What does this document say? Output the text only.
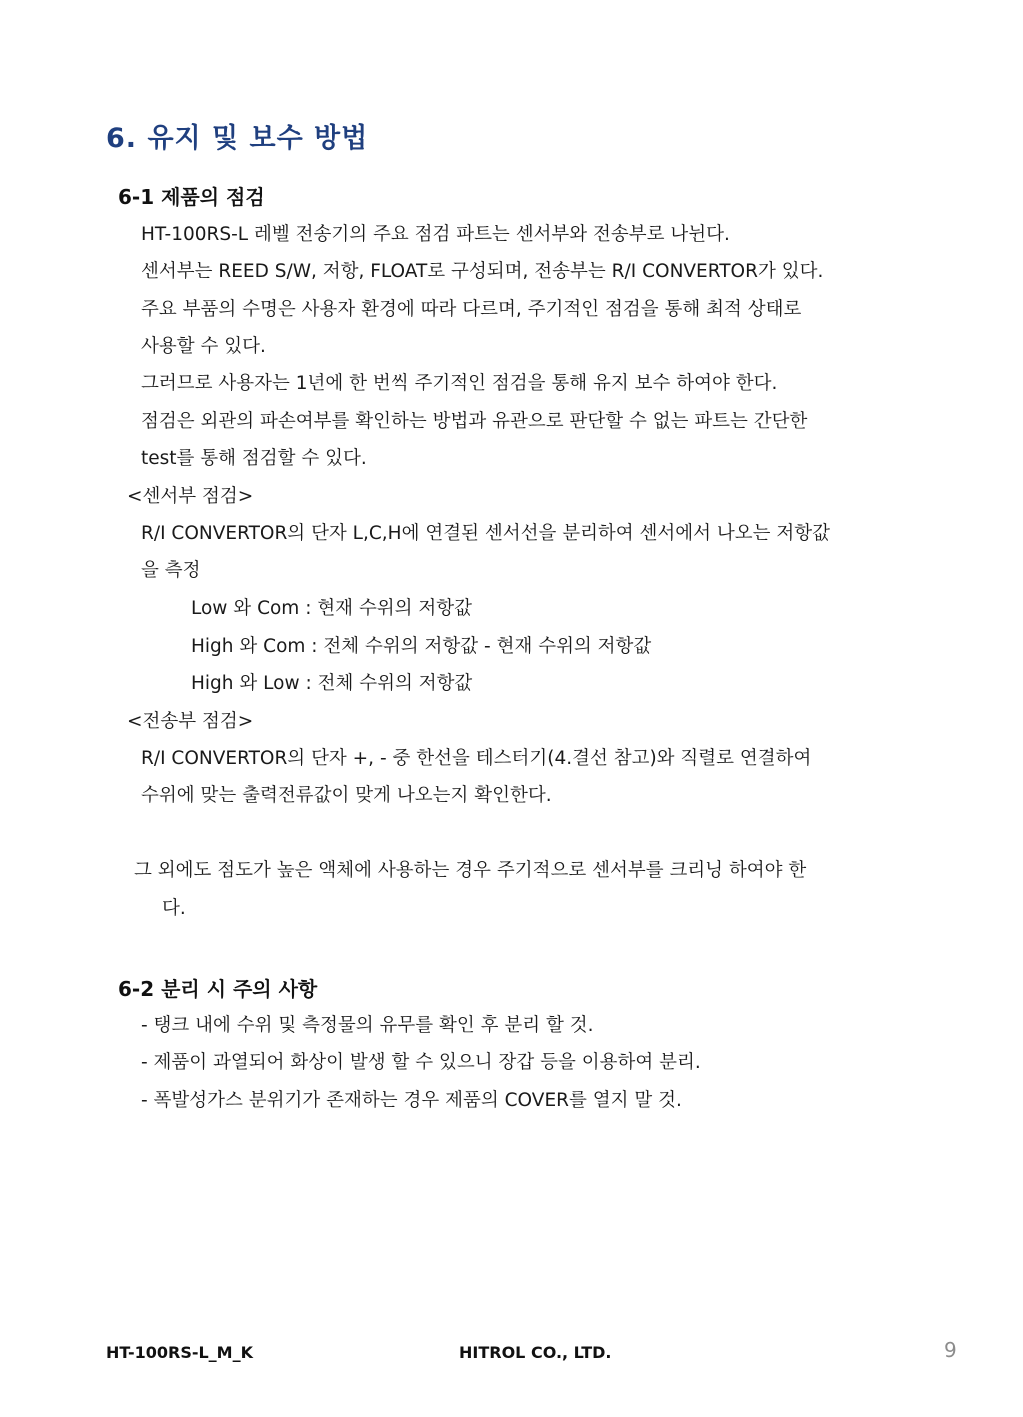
6. 유지 및 보수 방법
6-1 제품의 점검
HT-100RS-L 레벨 전송기의 주요 점검 파트는 센서부와 전송부로 나뉜다.
센서부는 REED S/W, 저항, FLOAT로 구성되며, 전송부는 R/I CONVERTOR가 있다.
주요 부품의 수명은 사용자 환경에 따라 다르며, 주기적인 점검을 통해 최적 상태로
사용할 수 있다.
그러므로 사용자는 1년에 한 번씩 주기적인 점검을 통해 유지 보수 하여야 한다.
점검은 외관의 파손여부를 확인하는 방법과 유관으로 판단할 수 없는 파트는 간단한
test를 통해 점검할 수 있다.
<센서부 점검>
R/I CONVERTOR의 단자 L,C,H에 연결된 센서선을 분리하여 센서에서 나오는 저항값
을 측정
Low 와 Com : 현재 수위의 저항값
High 와 Com : 전체 수위의 저항값 - 현재 수위의 저항값
High 와 Low : 전체 수위의 저항값
<전송부 점검>
R/I CONVERTOR의 단자 +, - 중 한선을 테스터기(4.결선 참고)와 직렬로 연결하여
수위에 맞는 출력전류값이 맞게 나오는지 확인한다.
그 외에도 점도가 높은 액체에 사용하는 경우 주기적으로 센서부를 크리닝 하여야 한
다.
6-2 분리 시 주의 사항
- 탱크 내에 수위 및 측정물의 유무를 확인 후 분리 할 것.
- 제품이 과열되어 화상이 발생 할 수 있으니 장갑 등을 이용하여 분리.
- 폭발성가스 분위기가 존재하는 경우 제품의 COVER를 열지 말 것.
HT-100RS-L_M_K	HITROL CO., LTD.	9
